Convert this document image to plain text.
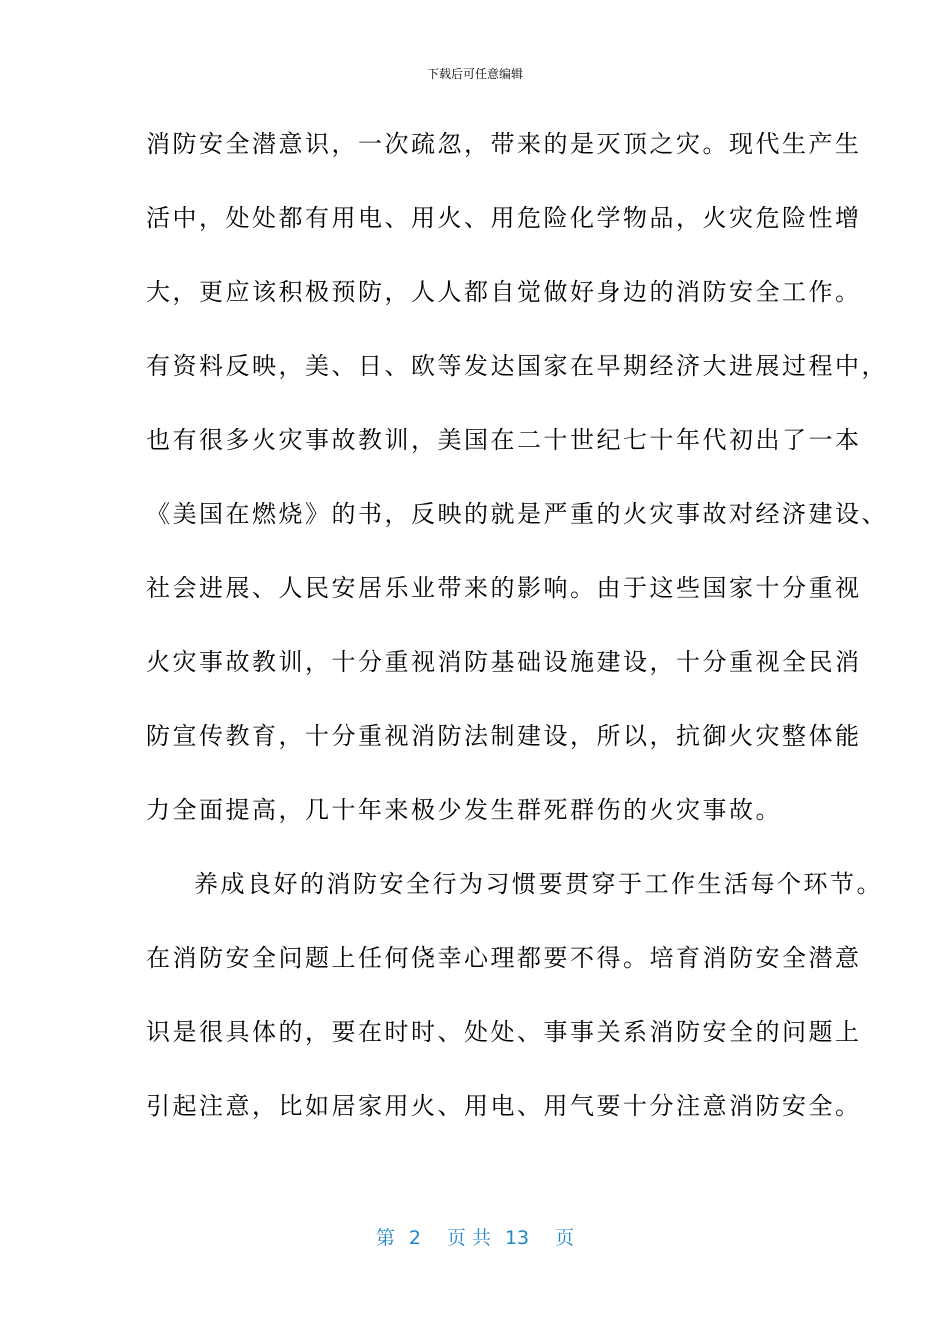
下载后可任意编辑
消防安全潜意识，一次疏忽，带来的是灭顶之灾。现代生产生
活中，处处都有用电、用火、用危险化学物品，火灾危险性增
大，更应该积极预防，人人都自觉做好身边的消防安全工作。
有资料反映，美、日、欧等发达国家在早期经济大进展过程中，
也有很多火灾事故教训，美国在二十世纪七十年代初出了一本
《美国在燃烧》的书，反映的就是严重的火灾事故对经济建设、
社会进展、人民安居乐业带来的影响。由于这些国家十分重视
火灾事故教训，十分重视消防基础设施建设，十分重视全民消
防宣传教育，十分重视消防法制建设，所以，抗御火灾整体能
力全面提高，几十年来极少发生群死群伤的火灾事故。
养成良好的消防安全行为习惯要贯穿于工作生活每个环节。
在消防安全问题上任何侥幸心理都要不得。培育消防安全潜意
识是很具体的，要在时时、处处、事事关系消防安全的问题上
引起注意，比如居家用火、用电、用气要十分注意消防安全。
第 2 页 共 13 页
